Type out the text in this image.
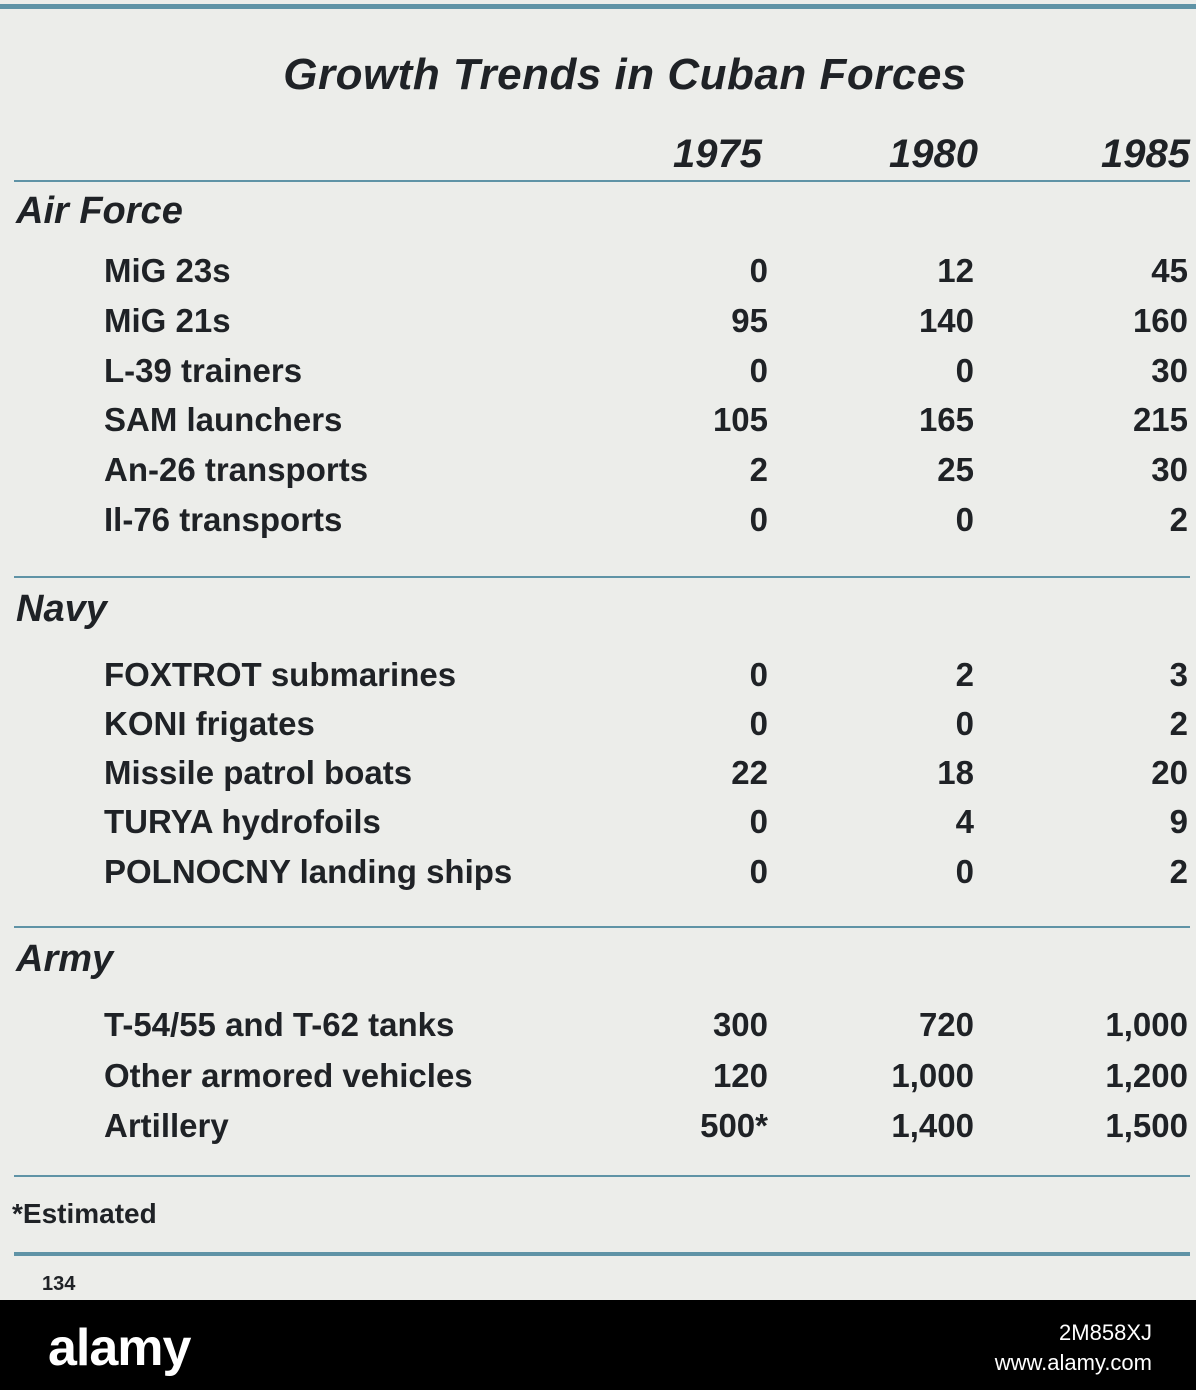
Growth Trends in Cuban Forces
1975	1980	1985
Air Force
MiG 23s	0	12	45
MiG 21s	95	140	160
L-39 trainers	0	0	30
SAM launchers	105	165	215
An-26 transports	2	25	30
Il-76 transports	0	0	2
Navy
FOXTROT submarines	0	2	3
KONI frigates	0	0	2
Missile patrol boats	22	18	20
TURYA hydrofoils	0	4	9
POLNOCNY landing ships	0	0	2
Army
T-54/55 and T-62 tanks	300	720	1,000
Other armored vehicles	120	1,000	1,200
Artillery	500*	1,400	1,500
*Estimated
134
alamy	2M858XJ
www.alamy.com
